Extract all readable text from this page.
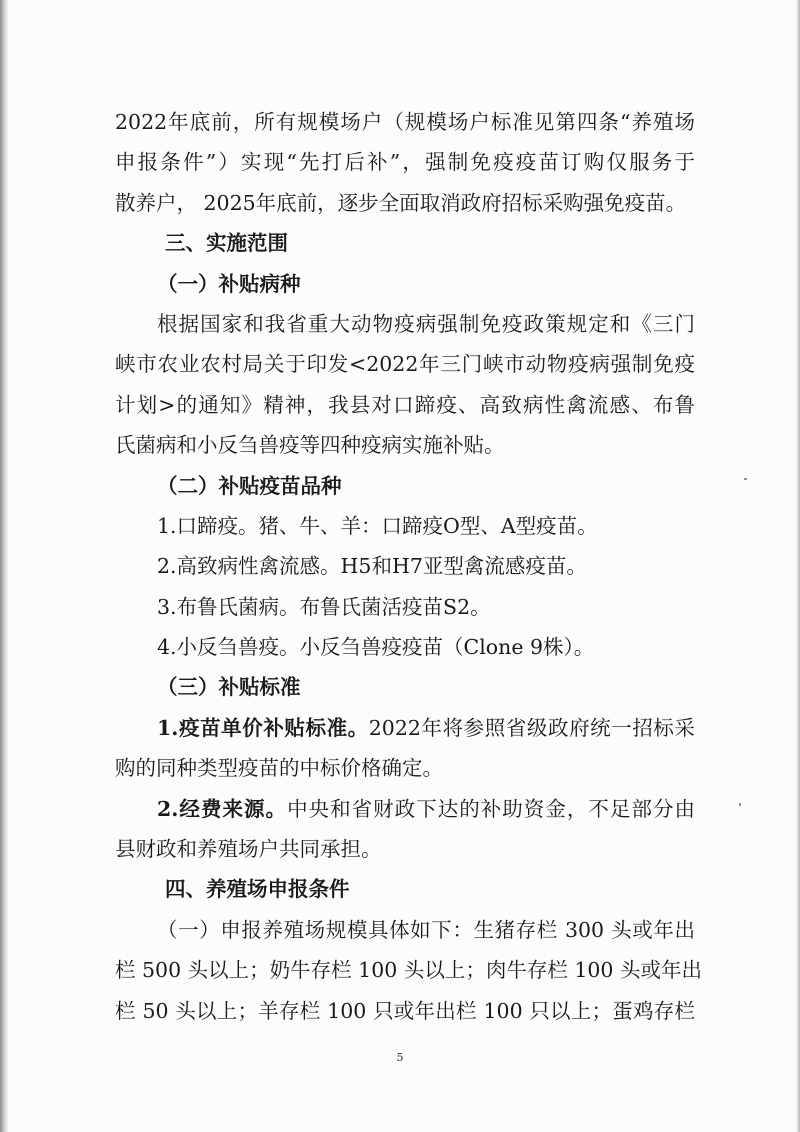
2022年底前，所有规模场户（规模场户标准见第四条“养殖场
申报条件”）实现“先打后补”，强制免疫疫苗订购仅服务于
散养户， 2025年底前，逐步全面取消政府招标采购强免疫苗。
三、实施范围
（一）补贴病种
根据国家和我省重大动物疫病强制免疫政策规定和《三门
峡市农业农村局关于印发<2022年三门峡市动物疫病强制免疫
计划>的通知》精神，我县对口蹄疫、高致病性禽流感、布鲁
氏菌病和小反刍兽疫等四种疫病实施补贴。
（二）补贴疫苗品种
1.口蹄疫。猪、牛、羊：口蹄疫O型、A型疫苗。
2.高致病性禽流感。H5和H7亚型禽流感疫苗。
3.布鲁氏菌病。布鲁氏菌活疫苗S2。
4.小反刍兽疫。小反刍兽疫疫苗（Clone 9株）。
（三）补贴标准
1.疫苗单价补贴标准。2022年将参照省级政府统一招标采
购的同种类型疫苗的中标价格确定。
2.经费来源。中央和省财政下达的补助资金，不足部分由
县财政和养殖场户共同承担。
四、养殖场申报条件
（一）申报养殖场规模具体如下：生猪存栏 300 头或年出
栏 500 头以上；奶牛存栏 100 头以上；肉牛存栏 100 头或年出
栏 50 头以上；羊存栏 100 只或年出栏 100 只以上；蛋鸡存栏
5
